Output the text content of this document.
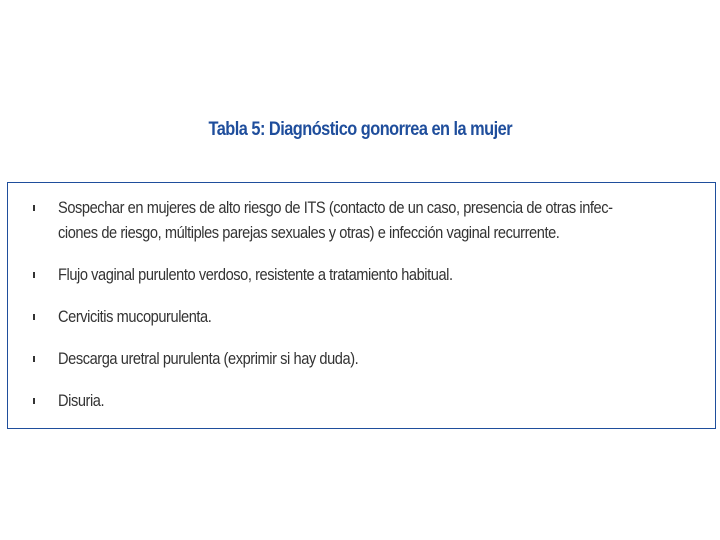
Tabla 5: Diagnóstico gonorrea en la mujer
Sospechar en mujeres de alto riesgo de ITS (contacto de un caso, presencia de otras infec-
ciones de riesgo, múltiples parejas sexuales y otras) e infección vaginal recurrente.
Flujo vaginal purulento verdoso, resistente a tratamiento habitual.
Cervicitis mucopurulenta.
Descarga uretral purulenta (exprimir si hay duda).
Disuria.
